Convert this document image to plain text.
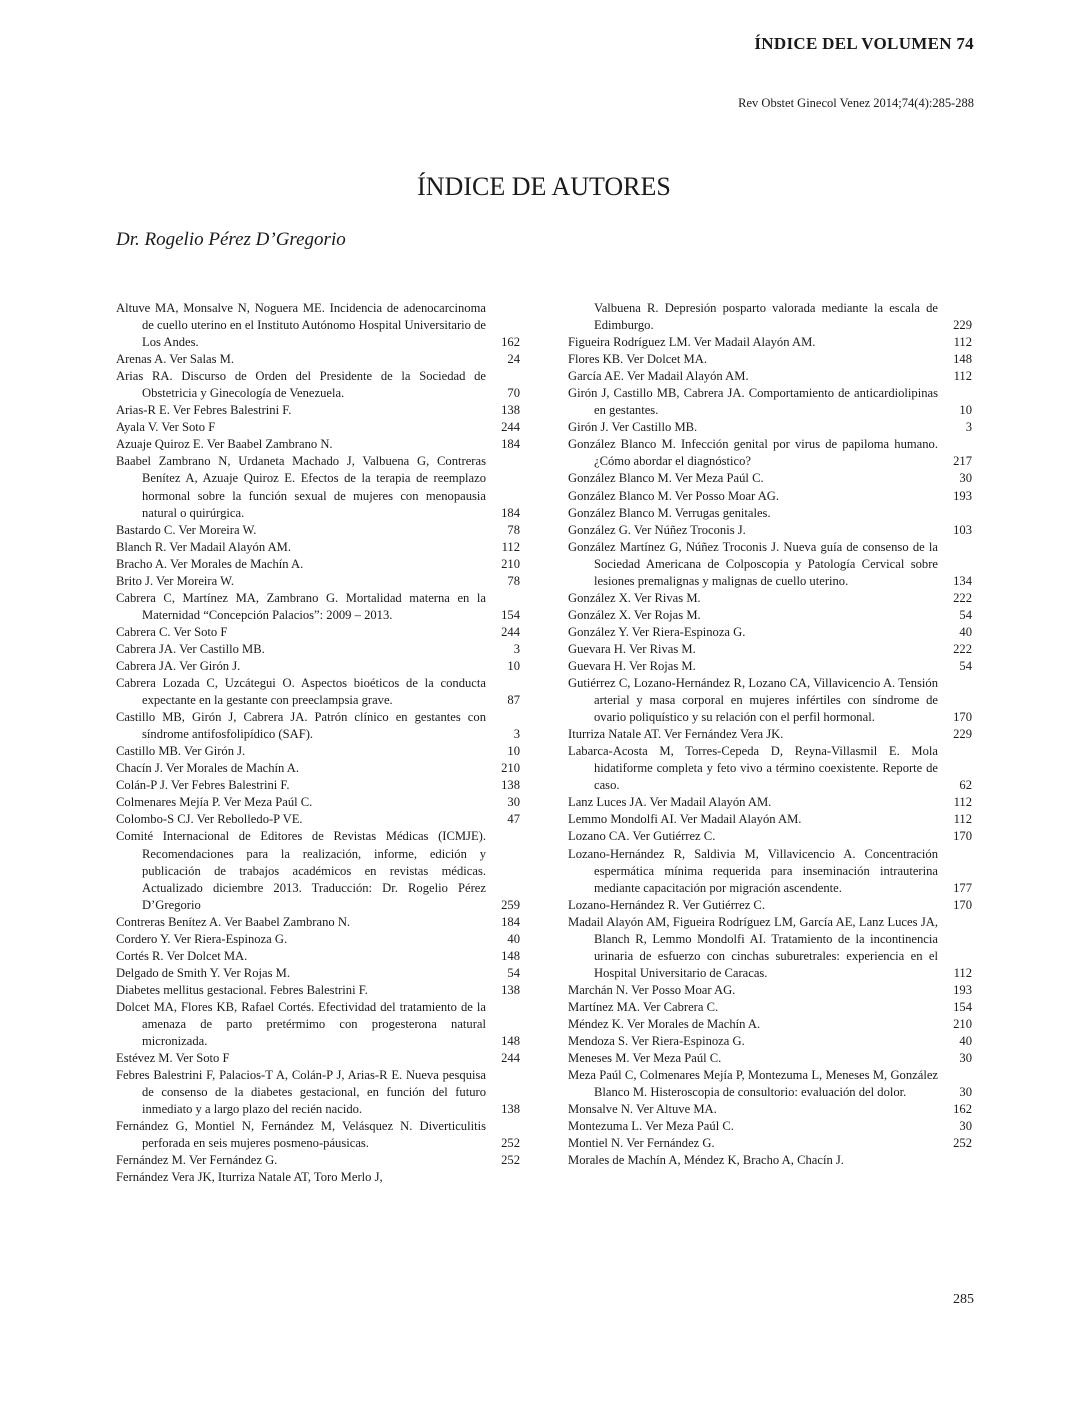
ÍNDICE DEL VOLUMEN 74
Rev Obstet Ginecol Venez 2014;74(4):285-288
ÍNDICE DE AUTORES
Dr. Rogelio Pérez D’Gregorio
Altuve MA, Monsalve N, Noguera ME. Incidencia de adenocarcinoma de cuello uterino en el Instituto Autónomo Hospital Universitario de Los Andes.	162
Arenas A. Ver Salas M.	24
Arias RA. Discurso de Orden del Presidente de la Sociedad de Obstetricia y Ginecología de Venezuela.	70
Arias-R E. Ver Febres Balestrini F.	138
Ayala V. Ver Soto F	244
Azuaje Quiroz E. Ver Baabel Zambrano N.	184
Baabel Zambrano N, Urdaneta Machado J, Valbuena G, Contreras Benítez A, Azuaje Quiroz E. Efectos de la terapia de reemplazo hormonal sobre la función sexual de mujeres con menopausia natural o quirúrgica.	184
Bastardo C. Ver Moreira W.	78
Blanch R. Ver Madail Alayón AM.	112
Bracho A. Ver Morales de Machín A.	210
Brito J. Ver Moreira W.	78
Cabrera C, Martínez MA, Zambrano G. Mortalidad materna en la Maternidad “Concepción Palacios”: 2009 – 2013.	154
Cabrera C. Ver Soto F	244
Cabrera JA. Ver Castillo MB.	3
Cabrera JA. Ver Girón J.	10
Cabrera Lozada C, Uzcátegui O. Aspectos bioéticos de la conducta expectante en la gestante con preeclampsia grave.	87
Castillo MB, Girón J, Cabrera JA. Patrón clínico en gestantes con síndrome antifosfolipídico (SAF).	3
Castillo MB. Ver Girón J.	10
Chacín J. Ver Morales de Machín A.	210
Colán-P J. Ver Febres Balestrini F.	138
Colmenares Mejía P. Ver Meza Paúl C.	30
Colombo-S CJ. Ver Rebolledo-P VE.	47
Comité Internacional de Editores de Revistas Médicas (ICMJE). Recomendaciones para la realización, informe, edición y publicación de trabajos académicos en revistas médicas. Actualizado diciembre 2013. Traducción: Dr. Rogelio Pérez D’Gregorio	259
Contreras Benítez A. Ver Baabel Zambrano N.	184
Cordero Y. Ver Riera-Espinoza G.	40
Cortés R. Ver Dolcet MA.	148
Delgado de Smith Y. Ver Rojas M.	54
Diabetes mellitus gestacional. Febres Balestrini F.	138
Dolcet MA, Flores KB, Rafael Cortés. Efectividad del tratamiento de la amenaza de parto pretérmimo con progesterona natural micronizada.	148
Estévez M. Ver Soto F	244
Febres Balestrini F, Palacios-T A, Colán-P J, Arias-R E. Nueva pesquisa de consenso de la diabetes gestacional, en función del futuro inmediato y a largo plazo del recién nacido.	138
Fernández G, Montiel N, Fernández M, Velásquez N. Diverticulitis perforada en seis mujeres posmeno-páusicas.	252
Fernández M. Ver Fernández G.	252
Fernández Vera JK, Iturriza Natale AT, Toro Merlo J,
Valbuena R. Depresión posparto valorada mediante la escala de Edimburgo.	229
Figueira Rodríguez LM. Ver Madail Alayón AM.	112
Flores KB. Ver Dolcet MA.	148
García AE. Ver Madail Alayón AM.	112
Girón J, Castillo MB, Cabrera JA. Comportamiento de anticardiolipinas en gestantes.	10
Girón J. Ver Castillo MB.	3
González Blanco M. Infección genital por virus de papiloma humano. ¿Cómo abordar el diagnóstico?	217
González Blanco M. Ver Meza Paúl C.	30
González Blanco M. Ver Posso Moar AG.	193
González Blanco M. Verrugas genitales.
González G. Ver Núñez Troconis J.	103
González Martínez G, Núñez Troconis J. Nueva guía de consenso de la Sociedad Americana de Colposcopia y Patología Cervical sobre lesiones premalignas y malignas de cuello uterino.	134
González X. Ver Rivas M.	222
González X. Ver Rojas M.	54
González Y. Ver Riera-Espinoza G.	40
Guevara H. Ver Rivas M.	222
Guevara H. Ver Rojas M.	54
Gutiérrez C, Lozano-Hernández R, Lozano CA, Villavicencio A. Tensión arterial y masa corporal en mujeres infértiles con síndrome de ovario poliquístico y su relación con el perfil hormonal.	170
Iturriza Natale AT. Ver Fernández Vera JK.	229
Labarca-Acosta M, Torres-Cepeda D, Reyna-Villasmil E. Mola hidatiforme completa y feto vivo a término coexistente. Reporte de caso.	62
Lanz Luces JA. Ver Madail Alayón AM.	112
Lemmo Mondolfi AI. Ver Madail Alayón AM.	112
Lozano CA. Ver Gutiérrez C.	170
Lozano-Hernández R, Saldivia M, Villavicencio A. Concentración espermática mínima requerida para inseminación intrauterina mediante capacitación por migración ascendente.	177
Lozano-Hernández R. Ver Gutiérrez C.	170
Madail Alayón AM, Figueira Rodríguez LM, García AE, Lanz Luces JA, Blanch R, Lemmo Mondolfi AI. Tratamiento de la incontinencia urinaria de esfuerzo con cinchas suburetrales: experiencia en el Hospital Universitario de Caracas.	112
Marchán N. Ver Posso Moar AG.	193
Martínez MA. Ver Cabrera C.	154
Méndez K. Ver Morales de Machín A.	210
Mendoza S. Ver Riera-Espinoza G.	40
Meneses M. Ver Meza Paúl C.	30
Meza Paúl C, Colmenares Mejía P, Montezuma L, Meneses M, González Blanco M. Histeroscopia de consultorio: evaluación del dolor.	30
Monsalve N. Ver Altuve MA.	162
Montezuma L. Ver Meza Paúl C.	30
Montiel N. Ver Fernández G.	252
Morales de Machín A, Méndez K, Bracho A, Chacín J.
285
